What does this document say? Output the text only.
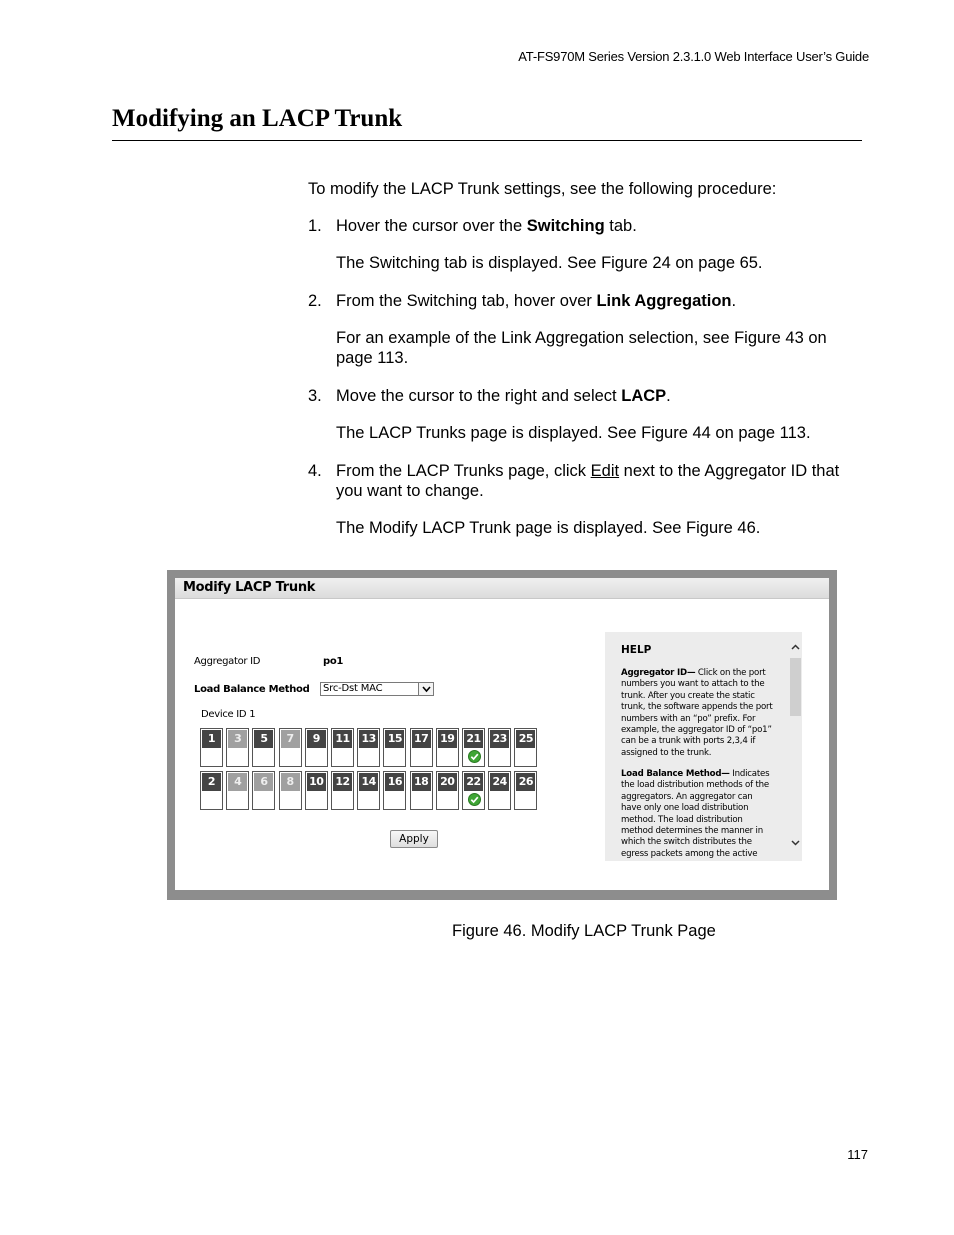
AT-FS970M Series Version 2.3.1.0 Web Interface User’s Guide
Modifying an LACP Trunk
To modify the LACP Trunk settings, see the following procedure:
1. Hover the cursor over the Switching tab.
The Switching tab is displayed. See Figure 24 on page 65.
2. From the Switching tab, hover over Link Aggregation.
For an example of the Link Aggregation selection, see Figure 43 on page 113.
3. Move the cursor to the right and select LACP.
The LACP Trunks page is displayed. See Figure 44 on page 113.
4. From the LACP Trunks page, click Edit next to the Aggregator ID that you want to change.
The Modify LACP Trunk page is displayed. See Figure 46.
Modify LACP Trunk
Aggregator ID	po1
Load Balance Method	Src-Dst MAC
Device ID 1
1	3	5	7	9	11 13 15 17 19 21 23 25
2	4	6	8	10 12 14 16 18 20 22 24 26
Apply
HELP
Aggregator ID— Click on the port
numbers you want to attach to the
trunk. After you create the static
trunk, the software appends the port
numbers with an “po” prefix. For
example, the aggregator ID of “po1”
can be a trunk with ports 2,3,4 if
assigned to the trunk.
Load Balance Method— Indicates
the load distribution methods of the
aggregators. An aggregator can
have only one load distribution
method. The load distribution
method determines the manner in
which the switch distributes the
egress packets among the active
Figure 46. Modify LACP Trunk Page
117
